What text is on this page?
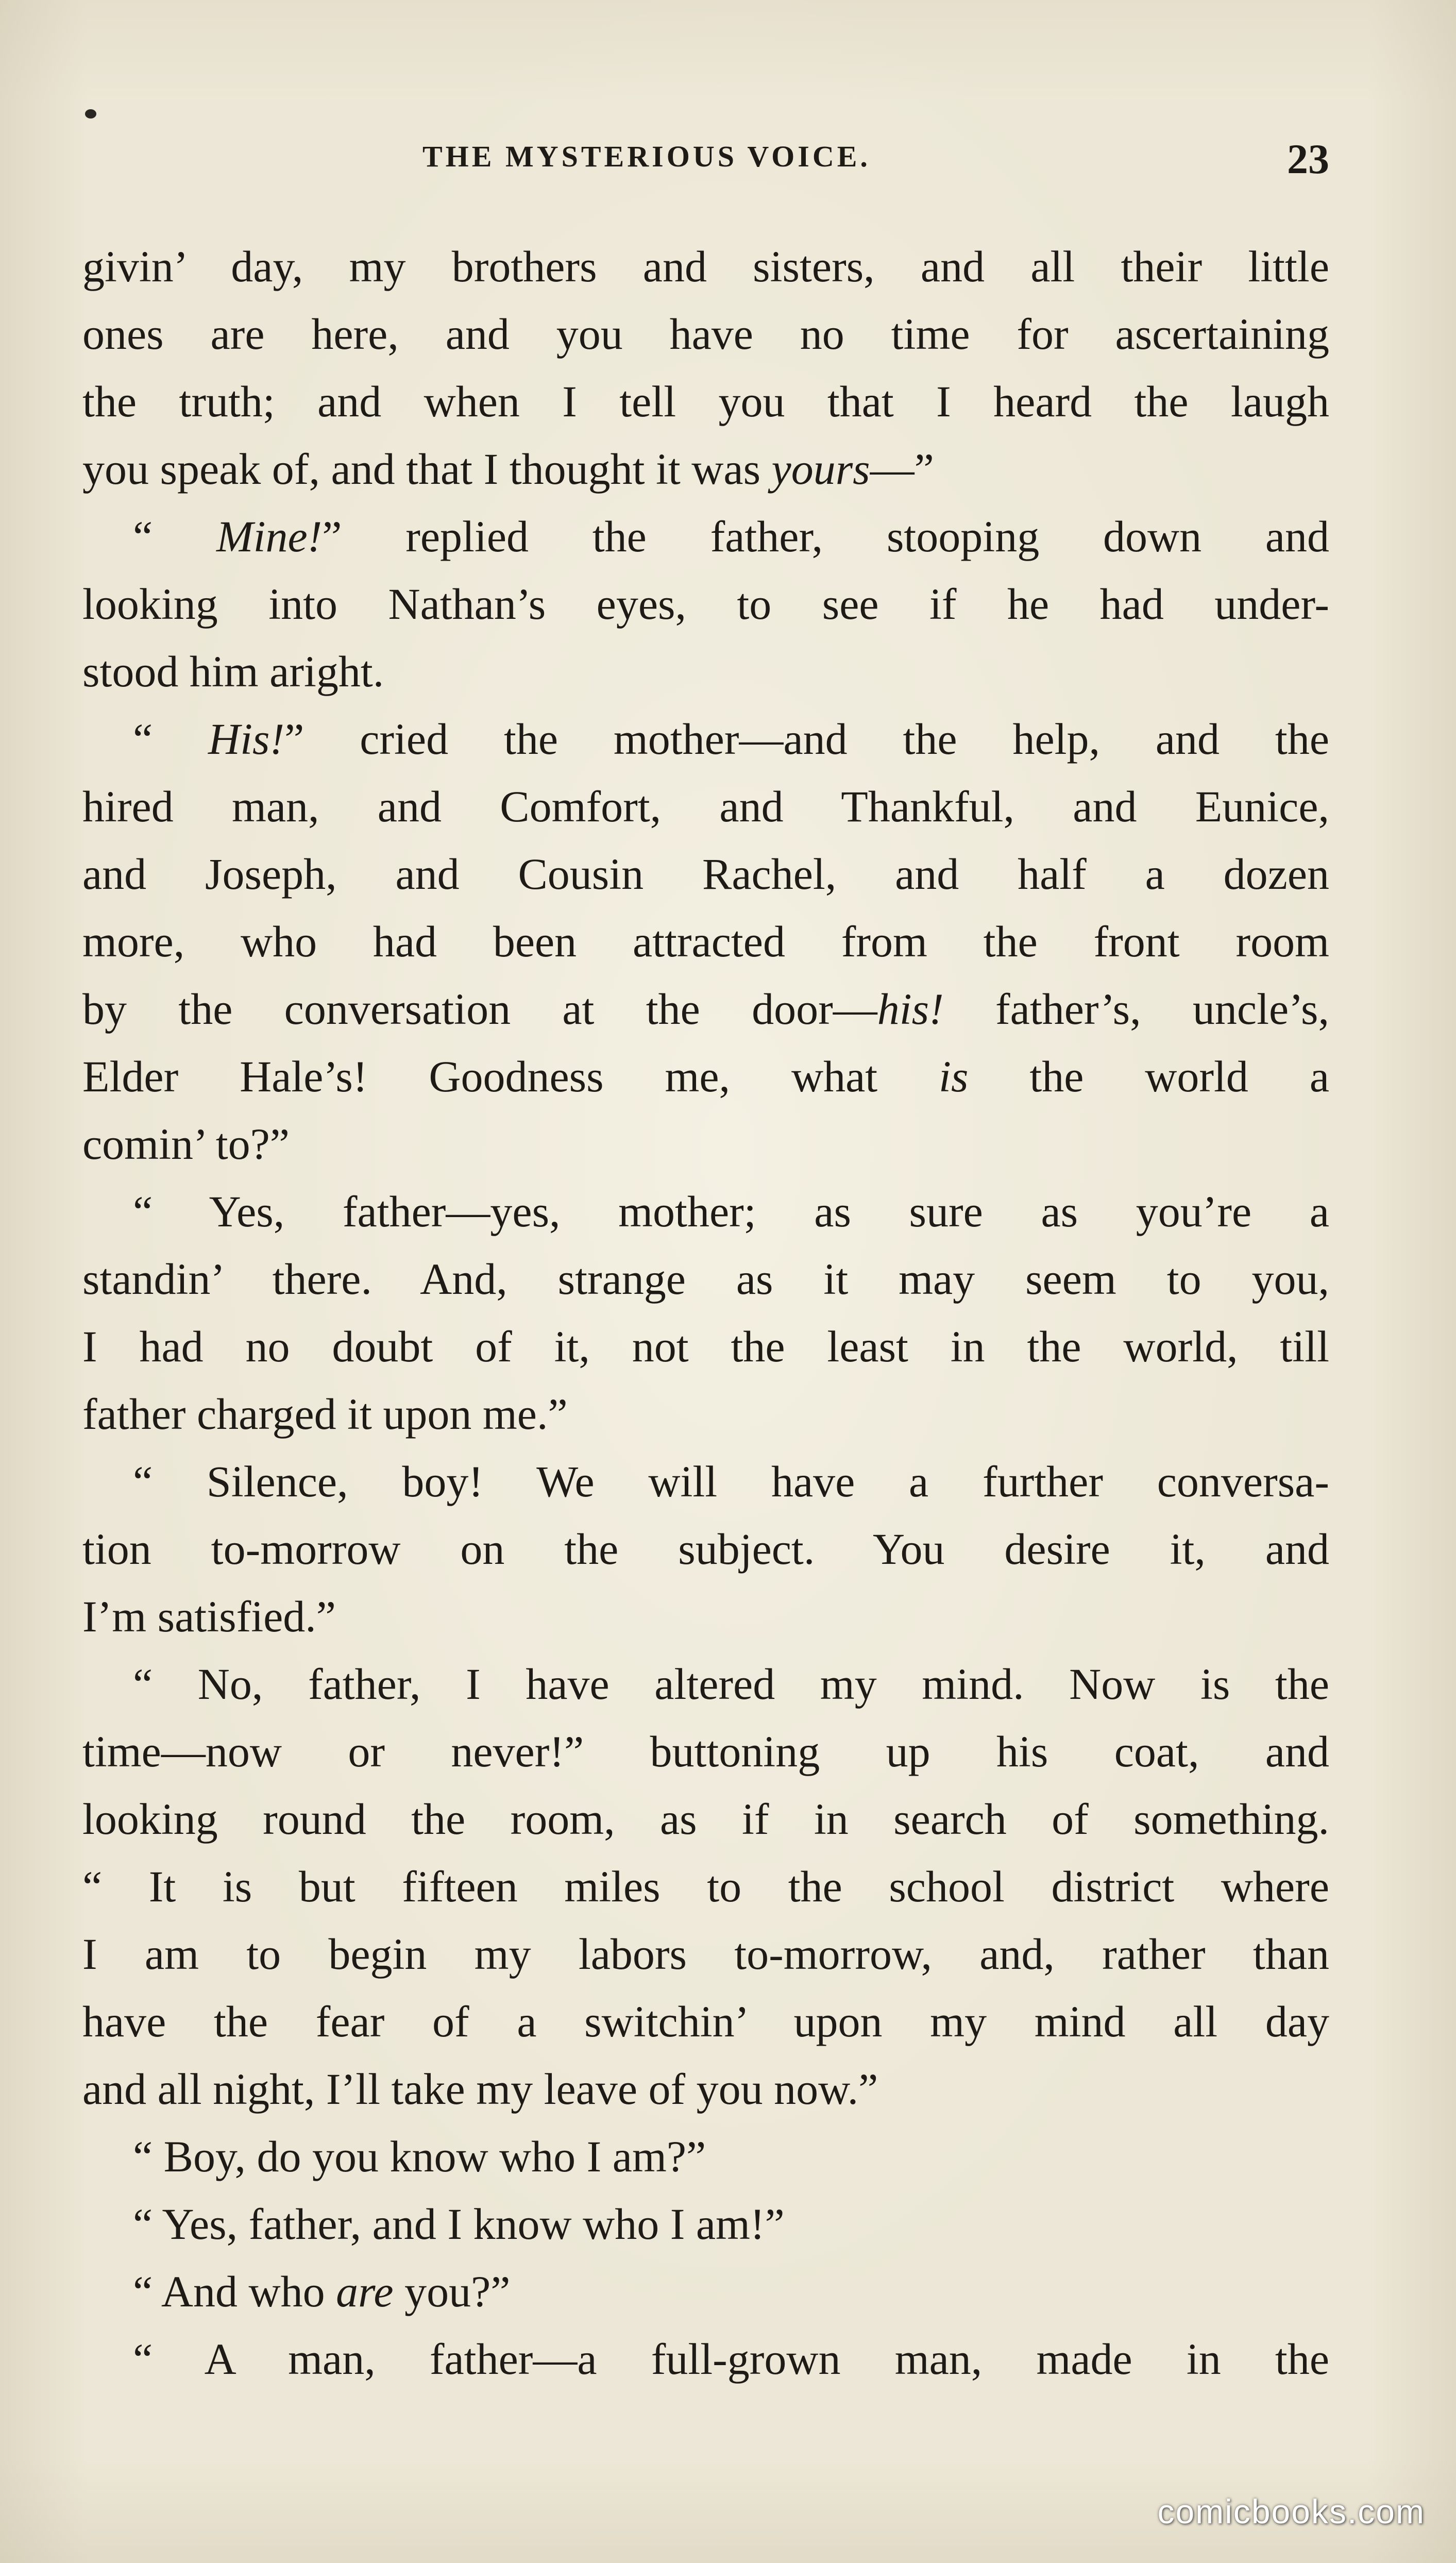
THE MYSTERIOUS VOICE.	23
givin’ day, my brothers and sisters, and all their little
ones are here, and you have no time for ascertaining
the truth; and when I tell you that I heard the laugh
you speak of, and that I thought it was yours—”
“ Mine!” replied the father, stooping down and
looking into Nathan’s eyes, to see if he had under-
stood him aright.
“ His!” cried the mother—and the help, and the
hired man, and Comfort, and Thankful, and Eunice,
and Joseph, and Cousin Rachel, and half a dozen
more, who had been attracted from the front room
by the conversation at the door—his! father’s, uncle’s,
Elder Hale’s! Goodness me, what is the world a
comin’ to?”
“ Yes, father—yes, mother; as sure as you’re a
standin’ there. And, strange as it may seem to you,
I had no doubt of it, not the least in the world, till
father charged it upon me.”
“ Silence, boy! We will have a further conversa-
tion to-morrow on the subject. You desire it, and
I’m satisfied.”
“ No, father, I have altered my mind. Now is the
time—now or never!” buttoning up his coat, and
looking round the room, as if in search of something.
“ It is but fifteen miles to the school district where
I am to begin my labors to-morrow, and, rather than
have the fear of a switchin’ upon my mind all day
and all night, I’ll take my leave of you now.”
“ Boy, do you know who I am?”
“ Yes, father, and I know who I am!”
“ And who are you?”
“ A man, father—a full-grown man, made in the
comicbooks.com
